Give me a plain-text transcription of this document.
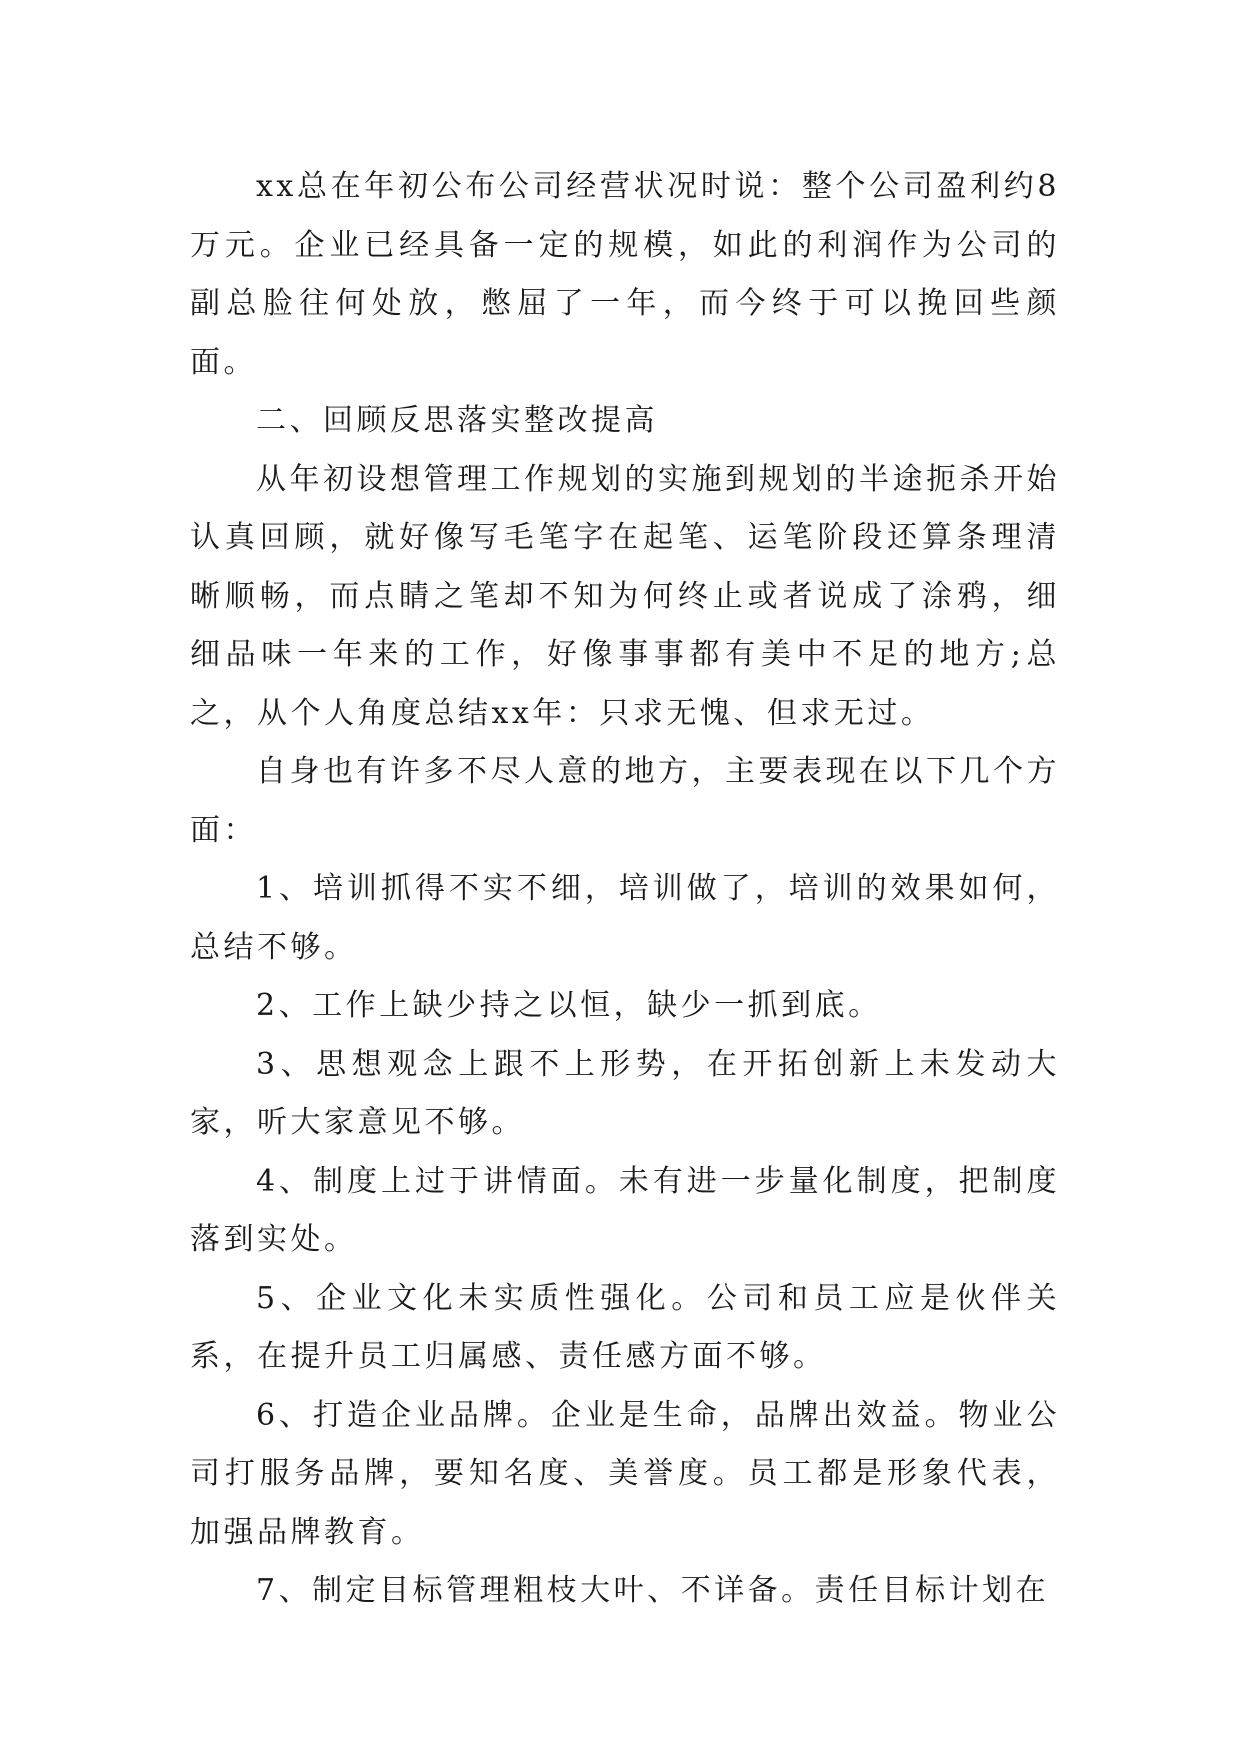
xx总在年初公布公司经营状况时说：整个公司盈利约8万元。企业已经具备一定的规模，如此的利润作为公司的副总脸往何处放，憋屈了一年，而今终于可以挽回些颜面。

二、回顾反思落实整改提高

从年初设想管理工作规划的实施到规划的半途扼杀开始认真回顾，就好像写毛笔字在起笔、运笔阶段还算条理清晰顺畅，而点睛之笔却不知为何终止或者说成了涂鸦，细细品味一年来的工作，好像事事都有美中不足的地方;总之，从个人角度总结xx年：只求无愧、但求无过。

自身也有许多不尽人意的地方，主要表现在以下几个方面：

1、培训抓得不实不细，培训做了，培训的效果如何，总结不够。

2、工作上缺少持之以恒，缺少一抓到底。

3、思想观念上跟不上形势，在开拓创新上未发动大家，听大家意见不够。

4、制度上过于讲情面。未有进一步量化制度，把制度落到实处。

5、企业文化未实质性强化。公司和员工应是伙伴关系，在提升员工归属感、责任感方面不够。

6、打造企业品牌。企业是生命，品牌出效益。物业公司打服务品牌，要知名度、美誉度。员工都是形象代表，加强品牌教育。

7、制定目标管理粗枝大叶、不详备。责任目标计划在
